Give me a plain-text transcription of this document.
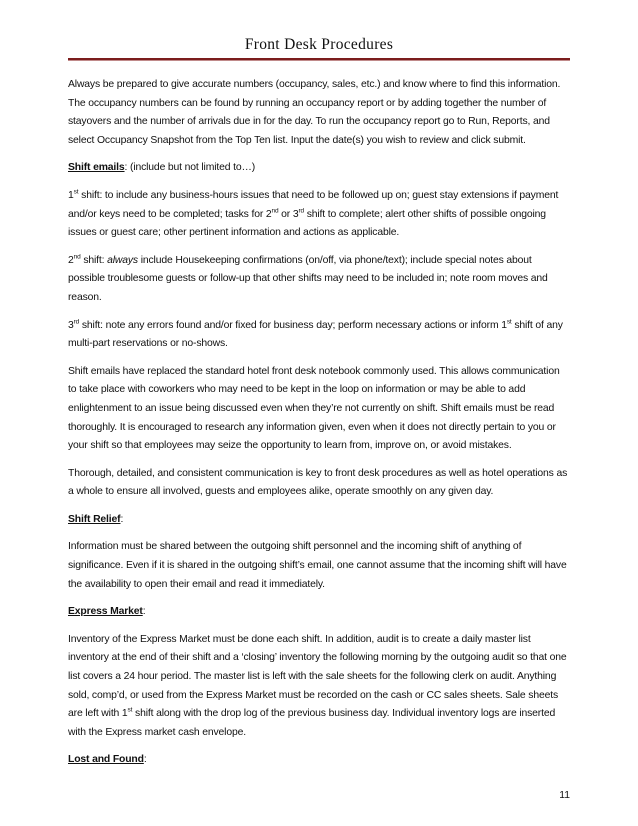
Front Desk Procedures

Always be prepared to give accurate numbers (occupancy, sales, etc.) and know where to find this information. The occupancy numbers can be found by running an occupancy report or by adding together the number of stayovers and the number of arrivals due in for the day. To run the occupancy report go to Run, Reports, and select Occupancy Snapshot from the Top Ten list. Input the date(s) you wish to review and click submit.

Shift emails: (include but not limited to…)

1st shift: to include any business-hours issues that need to be followed up on; guest stay extensions if payment and/or keys need to be completed; tasks for 2nd or 3rd shift to complete; alert other shifts of possible ongoing issues or guest care; other pertinent information and actions as applicable.

2nd shift: always include Housekeeping confirmations (on/off, via phone/text); include special notes about possible troublesome guests or follow-up that other shifts may need to be included in; note room moves and reason.

3rd shift: note any errors found and/or fixed for business day; perform necessary actions or inform 1st shift of any multi-part reservations or no-shows.

Shift emails have replaced the standard hotel front desk notebook commonly used. This allows communication to take place with coworkers who may need to be kept in the loop on information or may be able to add enlightenment to an issue being discussed even when they’re not currently on shift. Shift emails must be read thoroughly. It is encouraged to research any information given, even when it does not directly pertain to you or your shift so that employees may seize the opportunity to learn from, improve on, or avoid mistakes.

Thorough, detailed, and consistent communication is key to front desk procedures as well as hotel operations as a whole to ensure all involved, guests and employees alike, operate smoothly on any given day.

Shift Relief:

Information must be shared between the outgoing shift personnel and the incoming shift of anything of significance. Even if it is shared in the outgoing shift’s email, one cannot assume that the incoming shift will have the availability to open their email and read it immediately.

Express Market:

Inventory of the Express Market must be done each shift. In addition, audit is to create a daily master list inventory at the end of their shift and a ‘closing’ inventory the following morning by the outgoing audit so that one list covers a 24 hour period. The master list is left with the sale sheets for the following clerk on audit. Anything sold, comp’d, or used from the Express Market must be recorded on the cash or CC sales sheets. Sale sheets are left with 1st shift along with the drop log of the previous business day. Individual inventory logs are inserted with the Express market cash envelope.

Lost and Found:

11
